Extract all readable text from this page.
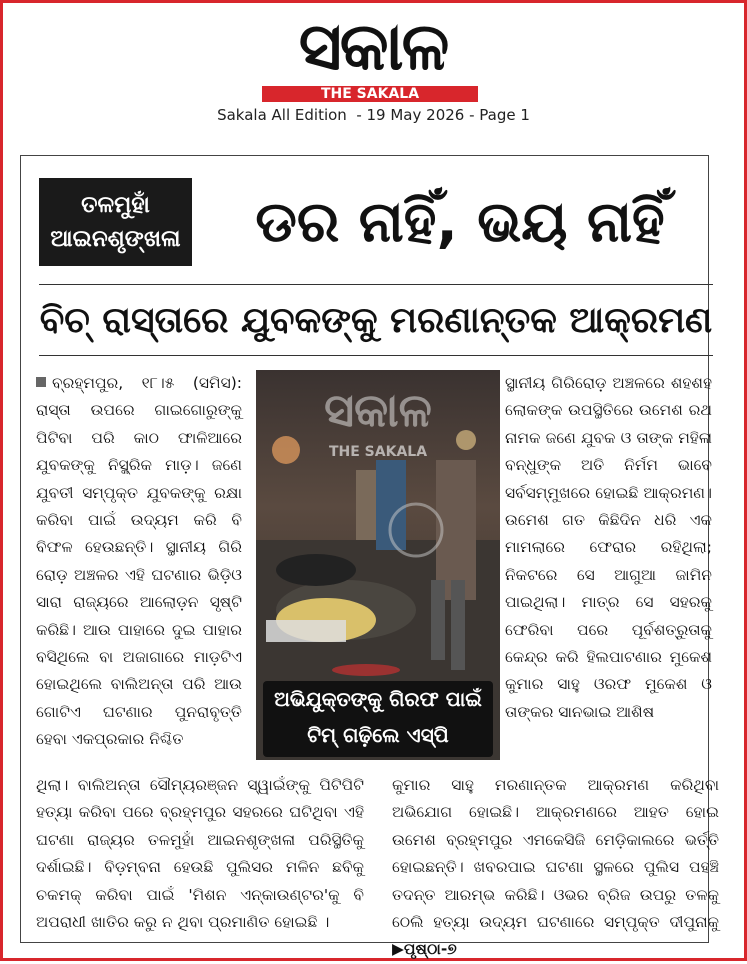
ସକାଳ
THE SAKALA
Sakala All Edition  - 19 May 2026 - Page 1
ତଳମୁହାଁ
ଆଇନଶୃଙ୍ଖଳା	ଡର ନାହିଁ, ଭୟ ନାହିଁ
ବିଚ୍ ରାସ୍ତାରେ ଯୁବକଙ୍କୁ ମରଣାନ୍ତକ ଆକ୍ରମଣ
ବ୍ରହ୍ମପୁର, ୧୮।୫ (ସମିସ): ରାସ୍ତା ଉପରେ ଗାଇଗୋରୁଙ୍କୁ ପିଟିବା ପରି କାଠ ଫାଳିଆରେ ଯୁବକଙ୍କୁ ନିସ୍କ୍ରିକ ମାଡ଼। ଜଣେ ଯୁବତୀ ସମ୍ପୃକ୍ତ ଯୁବକଙ୍କୁ ରକ୍ଷା କରିବା ପାଇଁ ଉଦ୍ୟମ କରି ବି ବିଫଳ ହେଉଛନ୍ତି। ସ୍ଥାନୀୟ ଗିରି ରୋଡ଼ ଅଞ୍ଚଳର ଏହି ଘଟଣାର ଭିଡ଼ିଓ ସାରା ରାଜ୍ୟରେ ଆଲୋଡ଼ନ ସୃଷ୍ଟି କରିଛି। ଆଉ ପାହାରେ ଦୁଇ ପାହାର ବସିଥିଲେ ବା ଅଜାଗାରେ ମାଡ଼ଟିଏ ହୋଇଥିଲେ ବାଲିଅନ୍ତା ପରି ଆଉ ଗୋଟିଏ ଘଟଣାର ପୁନରାବୃତ୍ତି ହେବା ଏକପ୍ରକାର ନିଶ୍ଚିତ
ସକାଳ
THE SAKALA
ଅଭିଯୁକ୍ତଙ୍କୁ ଗିରଫ ପାଇଁ
ଟିମ୍ ଗଢ଼ିଲେ ଏସ୍‌ପି
ସ୍ଥାନୀୟ ଗିରିରୋଡ଼ ଅଞ୍ଚଳରେ ଶହଶହ ଲୋକଙ୍କ ଉପସ୍ଥିତିରେ ଉମେଶ ରଥ ନାମକ ଜଣେ ଯୁବକ ଓ ତାଙ୍କ ମହିଳା ବନ୍ଧୁଙ୍କ ଅତି ନିର୍ମମ ଭାବେ ସର୍ବସମ୍ମୁଖରେ ହୋଇଛି ଆକ୍ରମଣ। ଉମେଶ ଗତ କିଛିଦିନ ଧରି ଏକ ମାମଲାରେ ଫେରାର ରହିଥିଲା; ନିକଟରେ ସେ ଆଗୁଆ ଜାମିନ ପାଇଥିଲା। ମାତ୍ର ସେ ସହରକୁ ଫେରିବା ପରେ ପୂର୍ବଶତ୍ରୁତାକୁ କେନ୍ଦ୍ର କରି ହିଲପାଟଣାର ମୁକେଶ କୁମାର ସାହୁ ଓରଫ ମୁକେଶ ଓ ତାଙ୍କର ସାନଭାଇ ଆଶିଷ
ଥିଲା। ବାଲିଅନ୍ତା ସୌମ୍ୟରଞ୍ଜନ ସ୍ୱାଇଁଙ୍କୁ ପିଟିପିଟି ହତ୍ୟା କରିବା ପରେ ବ୍ରହ୍ମପୁର ସହରରେ ଘଟିଥିବା ଏହି ଘଟଣା ରାଜ୍ୟର ତଳମୁହାଁ ଆଇନଶୃଙ୍ଖଳା ପରିସ୍ଥିତିକୁ ଦର୍ଶାଇଛି। ବିଡ଼ମ୍ବନା ହେଉଛି ପୁଲିସର ମଳିନ ଛବିକୁ ଚକମକ୍ କରିବା ପାଇଁ 'ମିଶନ ଏନ୍‌କାଉଣ୍ଟର'କୁ ବି ଅପରାଧୀ ଖାତିର କରୁ ନ ଥିବା ପ୍ରମାଣିତ ହୋଇଛି ।
କୁମାର ସାହୁ ମରଣାନ୍ତକ ଆକ୍ରମଣ କରିଥିବା ଅଭିଯୋଗ ହୋଇଛି। ଆକ୍ରମଣରେ ଆହତ ହୋଇ ଉମେଶ ବ୍ରହ୍ମପୁର ଏମକେସିଜି ମେଡ଼ିକାଲରେ ଭର୍ତ୍ତି ହୋଇଛନ୍ତି। ଖବରପାଇ ଘଟଣା ସ୍ଥଳରେ ପୁଲିସ ପହଞ୍ଚି ତଦନ୍ତ ଆରମ୍ଭ କରିଛି। ଓଭର ବ୍ରିଜ ଉପରୁ ତଳକୁ ଠେଲି ହତ୍ୟା ଉଦ୍ୟମ ଘଟଣାରେ ସମ୍ପୃକ୍ତ ଦୀପୁନାକୁ ▶ପୃଷ୍ଠା-୭
